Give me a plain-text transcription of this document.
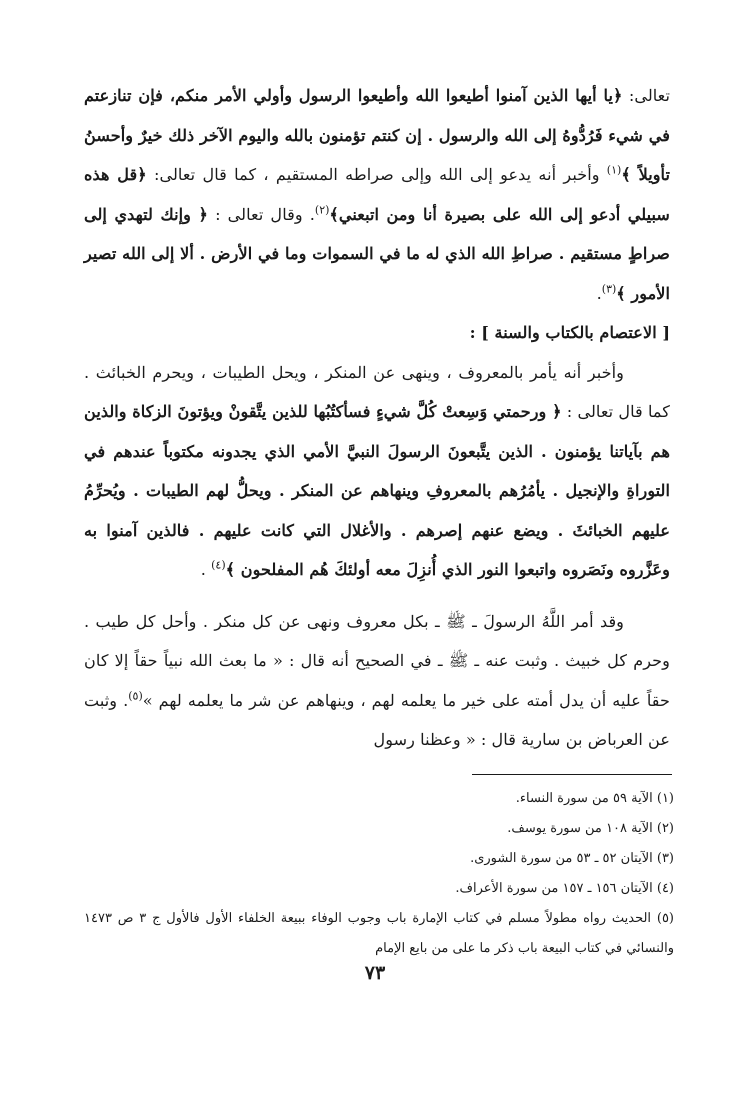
تعالى: ﴿يا أيها الذين آمنوا أطيعوا الله وأطيعوا الرسول وأولي الأمر منكم، فإن تنازعتم في شيء فَرُدُّوهُ إلى الله والرسول . إن كنتم تؤمنون بالله واليوم الآخر ذلك خيرٌ وأحسنُ تأويلاً ﴾$^{(١)}$ وأخبر أنه يدعو إلى الله وإلى صراطه المستقيم ، كما قال تعالى: ﴿قل هذه سبيلي أدعو إلى الله على بصيرة أنا ومن اتبعني﴾$^{(٢)}$. وقال تعالى : ﴿ وإنك لتهدي إلى صراطٍ مستقيم . صراطِ الله الذي له ما في السموات وما في الأرض . ألا إلى الله تصير الأمور ﴾$^{(٣)}$.

[ الاعتصام بالكتاب والسنة ] :

وأخبر أنه يأمر بالمعروف ، وينهى عن المنكر ، ويحل الطيبات ، ويحرم الخبائث . كما قال تعالى : ﴿ ورحمتي وَسِعتْ كُلَّ شيءٍ فسأكتُبُها للذين يتَّقونْ ويؤتونَ الزكاة والذين هم بآياتنا يؤمنون . الذين يتَّبعونَ الرسولَ النبيَّ الأمي الذي يجدونه مكتوباً عندهم في التوراةِ والإنجيل . يأمُرُهم بالمعروفِ وينهاهم عن المنكر . ويحلُّ لهم الطيبات . ويُحرِّمُ عليهم الخبائثَ . ويضع عنهم إصرهم . والأغلال التي كانت عليهم . فالذين آمنوا به وعَزَّروه ونَصَروه واتبعوا النور الذي أُنزِلَ معه أولئكَ هُم المفلحون ﴾$^{(٤)}$ .

وقد أمر اللَّهُ الرسولَ ـ ﷺ ـ بكل معروف ونهى عن كل منكر . وأحل كل طيب . وحرم كل خبيث . وثبت عنه ـ ﷺ ـ في الصحيح أنه قال : « ما بعث الله نبياً حقاً إلا كان حقاً عليه أن يدل أمته على خير ما يعلمه لهم ، وينهاهم عن شر ما يعلمه لهم »$^{(٥)}$. وثبت عن العرباض بن سارية قال : « وعظنا رسول

(١) الآية ٥٩ من سورة النساء.
(٢) الآية ١٠٨ من سورة يوسف.
(٣) الآيتان ٥٢ ـ ٥٣ من سورة الشورى.
(٤) الآيتان ١٥٦ ـ ١٥٧ من سورة الأعراف.
(٥) الحديث رواه مطولاً مسلم في كتاب الإمارة باب وجوب الوفاء ببيعة الخلفاء الأول فالأول ج ٣ ص ١٤٧٣ والنسائي في كتاب البيعة باب ذكر ما على من بايع الإمام
٧٣
